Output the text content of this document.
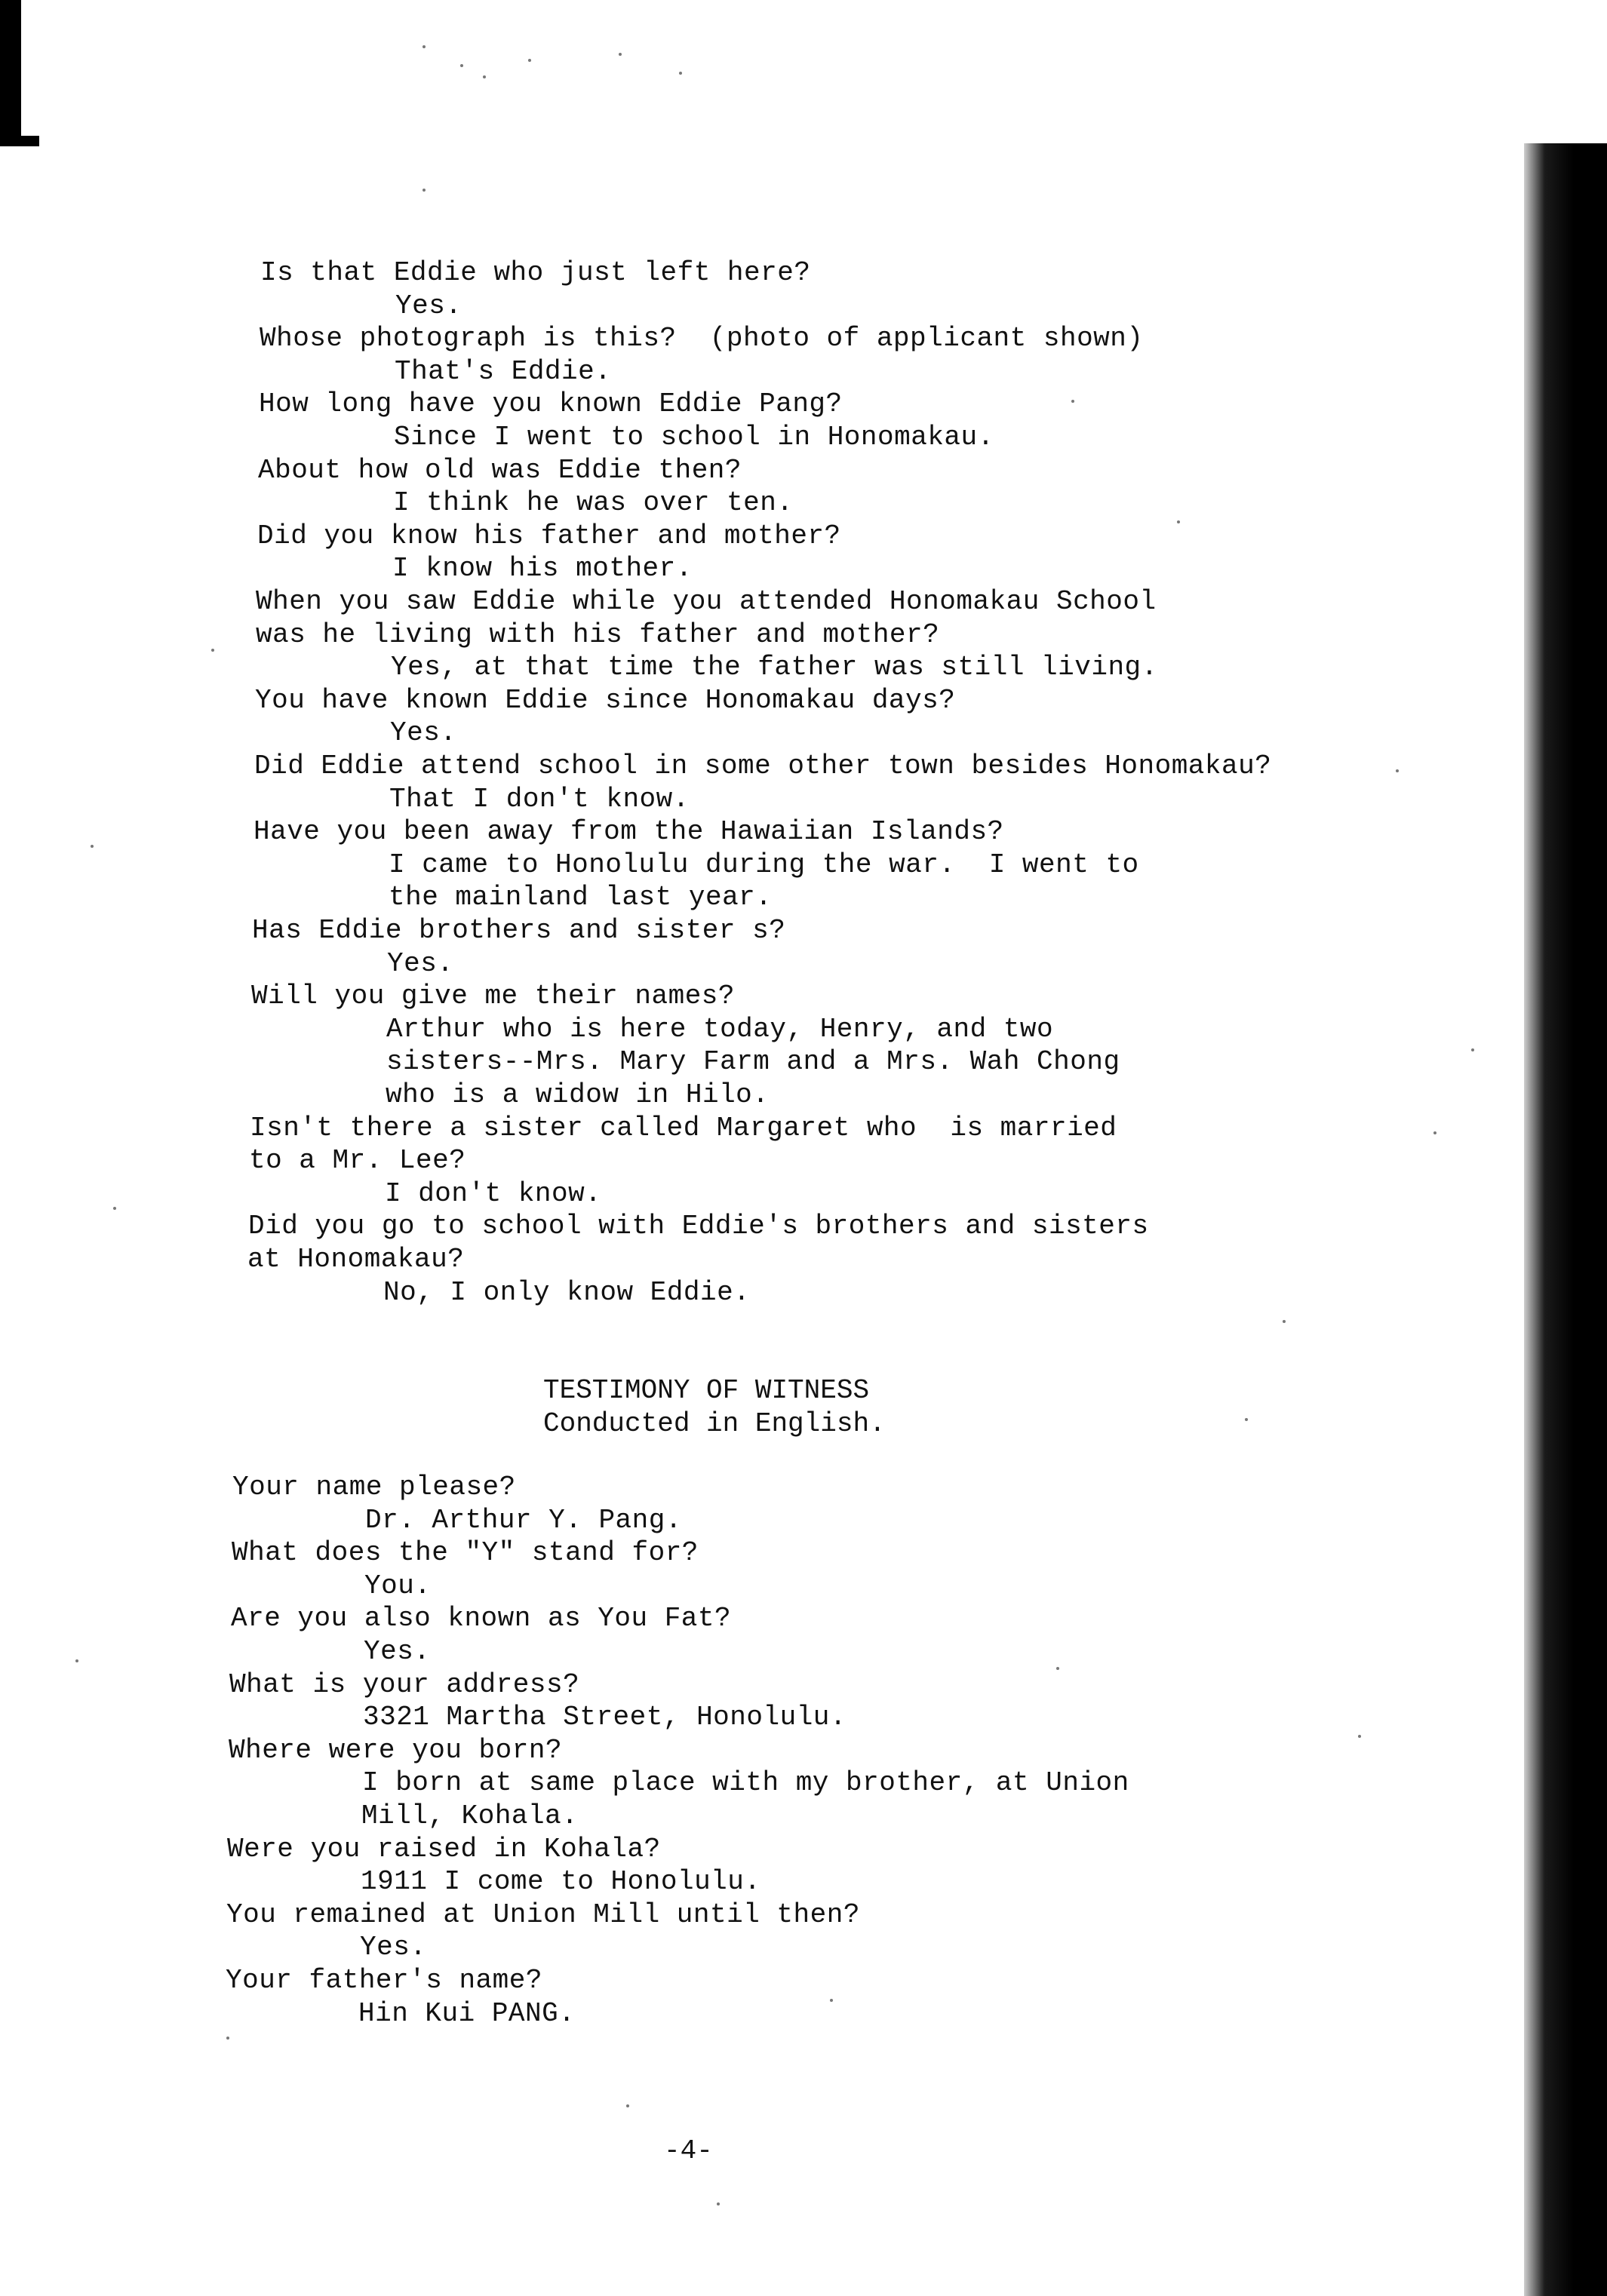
Is that Eddie who just left here?
Yes.
Whose photograph is this?  (photo of applicant shown)
That's Eddie.
How long have you known Eddie Pang?
Since I went to school in Honomakau.
About how old was Eddie then?
I think he was over ten.
Did you know his father and mother?
I know his mother.
When you saw Eddie while you attended Honomakau School
was he living with his father and mother?
Yes, at that time the father was still living.
You have known Eddie since Honomakau days?
Yes.
Did Eddie attend school in some other town besides Honomakau?
That I don't know.
Have you been away from the Hawaiian Islands?
I came to Honolulu during the war.  I went to
the mainland last year.
Has Eddie brothers and sister s?
Yes.
Will you give me their names?
Arthur who is here today, Henry, and two
sisters--Mrs. Mary Farm and a Mrs. Wah Chong
who is a widow in Hilo.
Isn't there a sister called Margaret who  is married
to a Mr. Lee?
I don't know.
Did you go to school with Eddie's brothers and sisters
at Honomakau?
No, I only know Eddie.
TESTIMONY OF WITNESS
Conducted in English.
Your name please?
Dr. Arthur Y. Pang.
What does the "Y" stand for?
You.
Are you also known as You Fat?
Yes.
What is your address?
3321 Martha Street, Honolulu.
Where were you born?
I born at same place with my brother, at Union
Mill, Kohala.
Were you raised in Kohala?
1911 I come to Honolulu.
You remained at Union Mill until then?
Yes.
Your father's name?
Hin Kui PANG.
-4-
